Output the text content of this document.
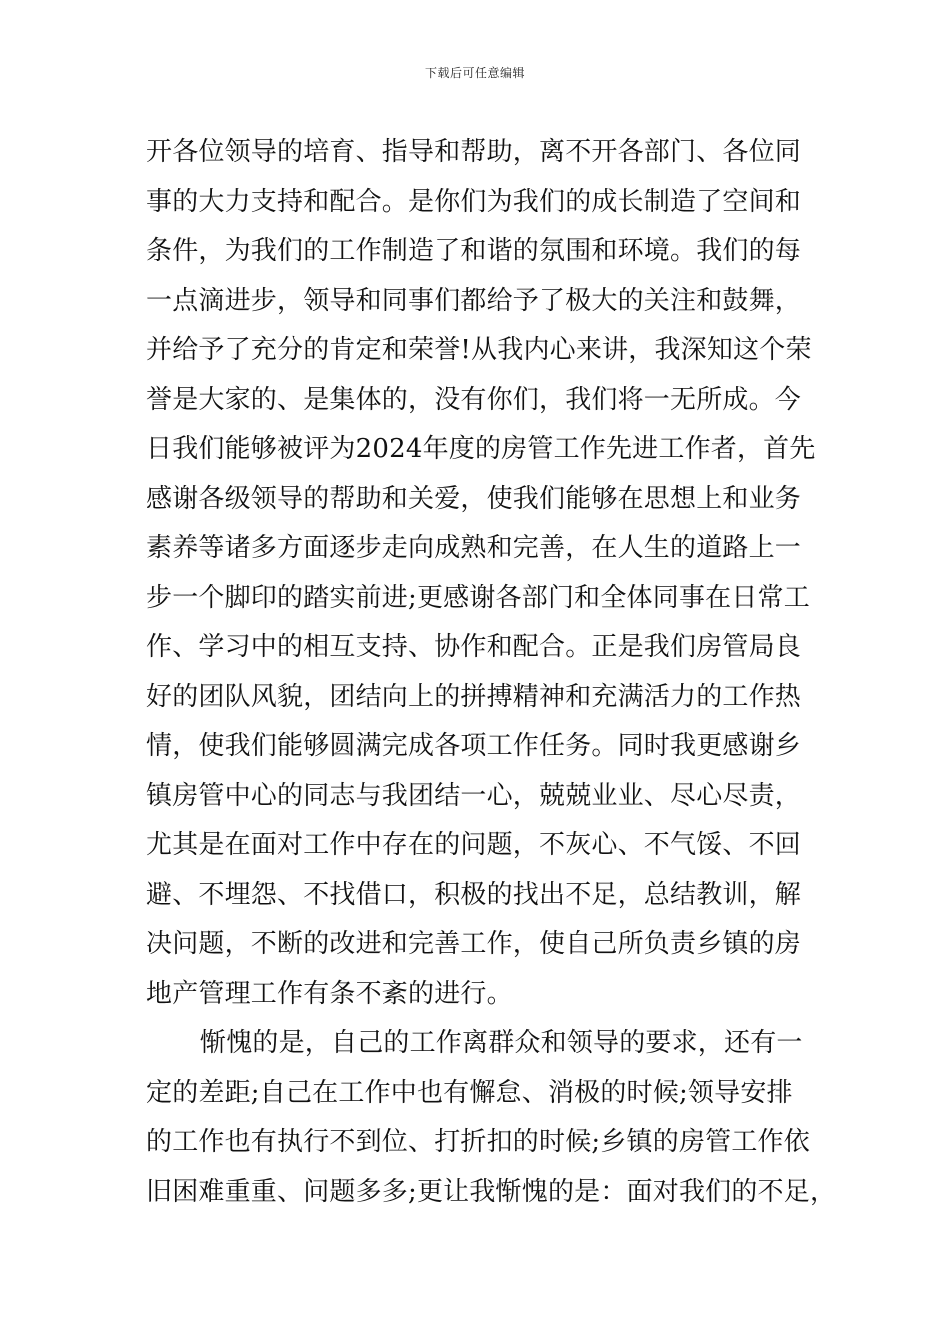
下载后可任意编辑
开各位领导的培育、指导和帮助，离不开各部门、各位同
事的大力支持和配合。是你们为我们的成长制造了空间和
条件，为我们的工作制造了和谐的氛围和环境。我们的每
一点滴进步，领导和同事们都给予了极大的关注和鼓舞，
并给予了充分的肯定和荣誉!从我内心来讲，我深知这个荣
誉是大家的、是集体的，没有你们，我们将一无所成。今
日我们能够被评为2024年度的房管工作先进工作者，首先
感谢各级领导的帮助和关爱，使我们能够在思想上和业务
素养等诸多方面逐步走向成熟和完善，在人生的道路上一
步一个脚印的踏实前进;更感谢各部门和全体同事在日常工
作、学习中的相互支持、协作和配合。正是我们房管局良
好的团队风貌，团结向上的拼搏精神和充满活力的工作热
情，使我们能够圆满完成各项工作任务。同时我更感谢乡
镇房管中心的同志与我团结一心，兢兢业业、尽心尽责，
尤其是在面对工作中存在的问题，不灰心、不气馁、不回
避、不埋怨、不找借口，积极的找出不足，总结教训，解
决问题，不断的改进和完善工作，使自己所负责乡镇的房
地产管理工作有条不紊的进行。
惭愧的是，自己的工作离群众和领导的要求，还有一
定的差距;自己在工作中也有懈怠、消极的时候;领导安排
的工作也有执行不到位、打折扣的时候;乡镇的房管工作依
旧困难重重、问题多多;更让我惭愧的是：面对我们的不足，
